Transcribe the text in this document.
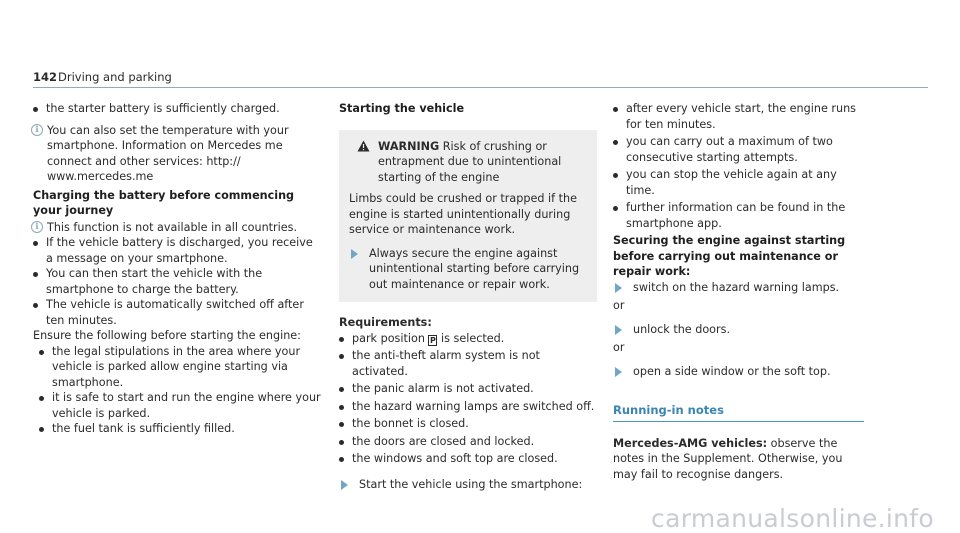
142 Driving and parking
the starter battery is sufficiently charged.
i You can also set the temperature with your smartphone. Information on Mercedes me connect and other services: http:// www.mercedes.me
Charging the battery before commencing your journey
i This function is not available in all countries.
If the vehicle battery is discharged, you receive a message on your smartphone.
You can then start the vehicle with the smartphone to charge the battery.
The vehicle is automatically switched off after ten minutes.
Ensure the following before starting the engine:
the legal stipulations in the area where your vehicle is parked allow engine starting via smartphone.
it is safe to start and run the engine where your vehicle is parked.
the fuel tank is sufficiently filled.
Starting the vehicle
WARNING Risk of crushing or entrapment due to unintentional starting of the engine
Limbs could be crushed or trapped if the engine is started unintentionally during service or maintenance work.
Always secure the engine against unintentional starting before carrying out maintenance or repair work.
Requirements:
park position P is selected.
the anti-theft alarm system is not activated.
the panic alarm is not activated.
the hazard warning lamps are switched off.
the bonnet is closed.
the doors are closed and locked.
the windows and soft top are closed.
Start the vehicle using the smartphone:
after every vehicle start, the engine runs for ten minutes.
you can carry out a maximum of two consecutive starting attempts.
you can stop the vehicle again at any time.
further information can be found in the smartphone app.
Securing the engine against starting before carrying out maintenance or repair work:
switch on the hazard warning lamps.
or
unlock the doors.
or
open a side window or the soft top.
Running-in notes
Mercedes-AMG vehicles: observe the notes in the Supplement. Otherwise, you may fail to recognise dangers.
carmanualsonline.info
